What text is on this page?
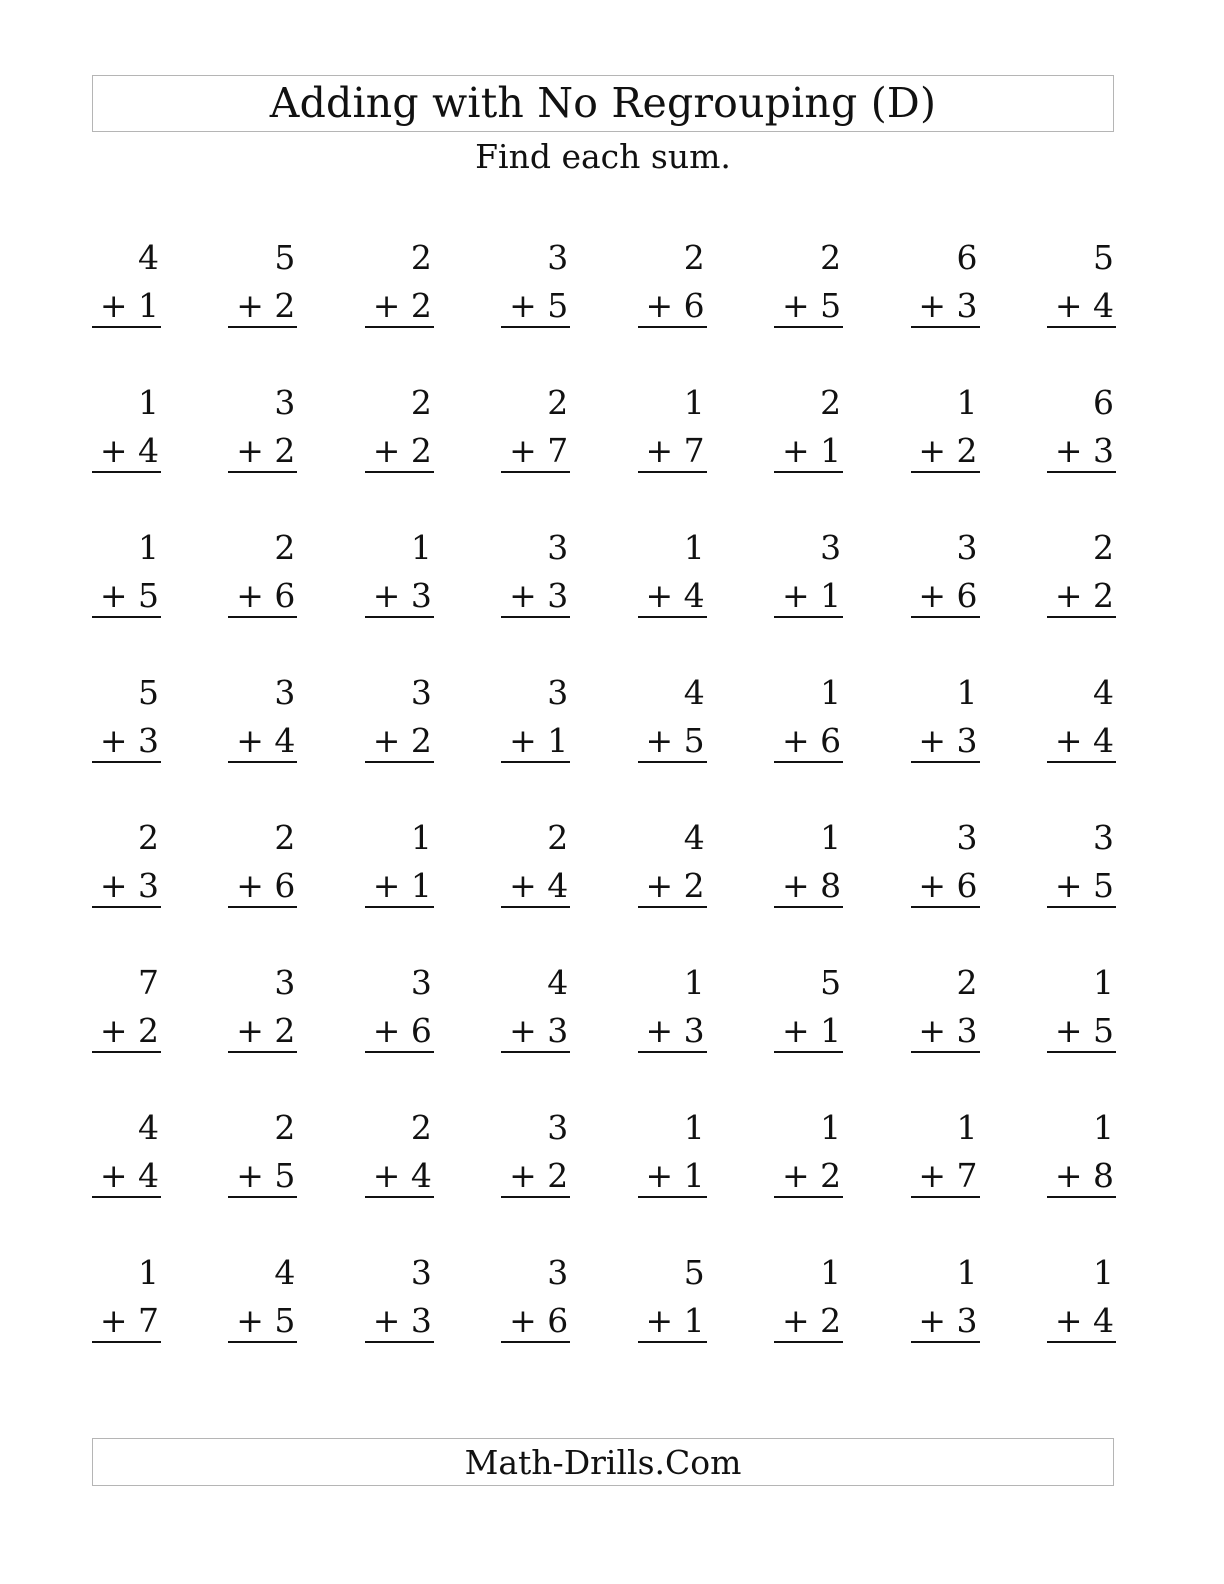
Adding with No Regrouping (D)
Find each sum.
4
+ 1
5
+ 2
2
+ 2
3
+ 5
2
+ 6
2
+ 5
6
+ 3
5
+ 4
1
+ 4
3
+ 2
2
+ 2
2
+ 7
1
+ 7
2
+ 1
1
+ 2
6
+ 3
1
+ 5
2
+ 6
1
+ 3
3
+ 3
1
+ 4
3
+ 1
3
+ 6
2
+ 2
5
+ 3
3
+ 4
3
+ 2
3
+ 1
4
+ 5
1
+ 6
1
+ 3
4
+ 4
2
+ 3
2
+ 6
1
+ 1
2
+ 4
4
+ 2
1
+ 8
3
+ 6
3
+ 5
7
+ 2
3
+ 2
3
+ 6
4
+ 3
1
+ 3
5
+ 1
2
+ 3
1
+ 5
4
+ 4
2
+ 5
2
+ 4
3
+ 2
1
+ 1
1
+ 2
1
+ 7
1
+ 8
1
+ 7
4
+ 5
3
+ 3
3
+ 6
5
+ 1
1
+ 2
1
+ 3
1
+ 4
Math-Drills.Com
